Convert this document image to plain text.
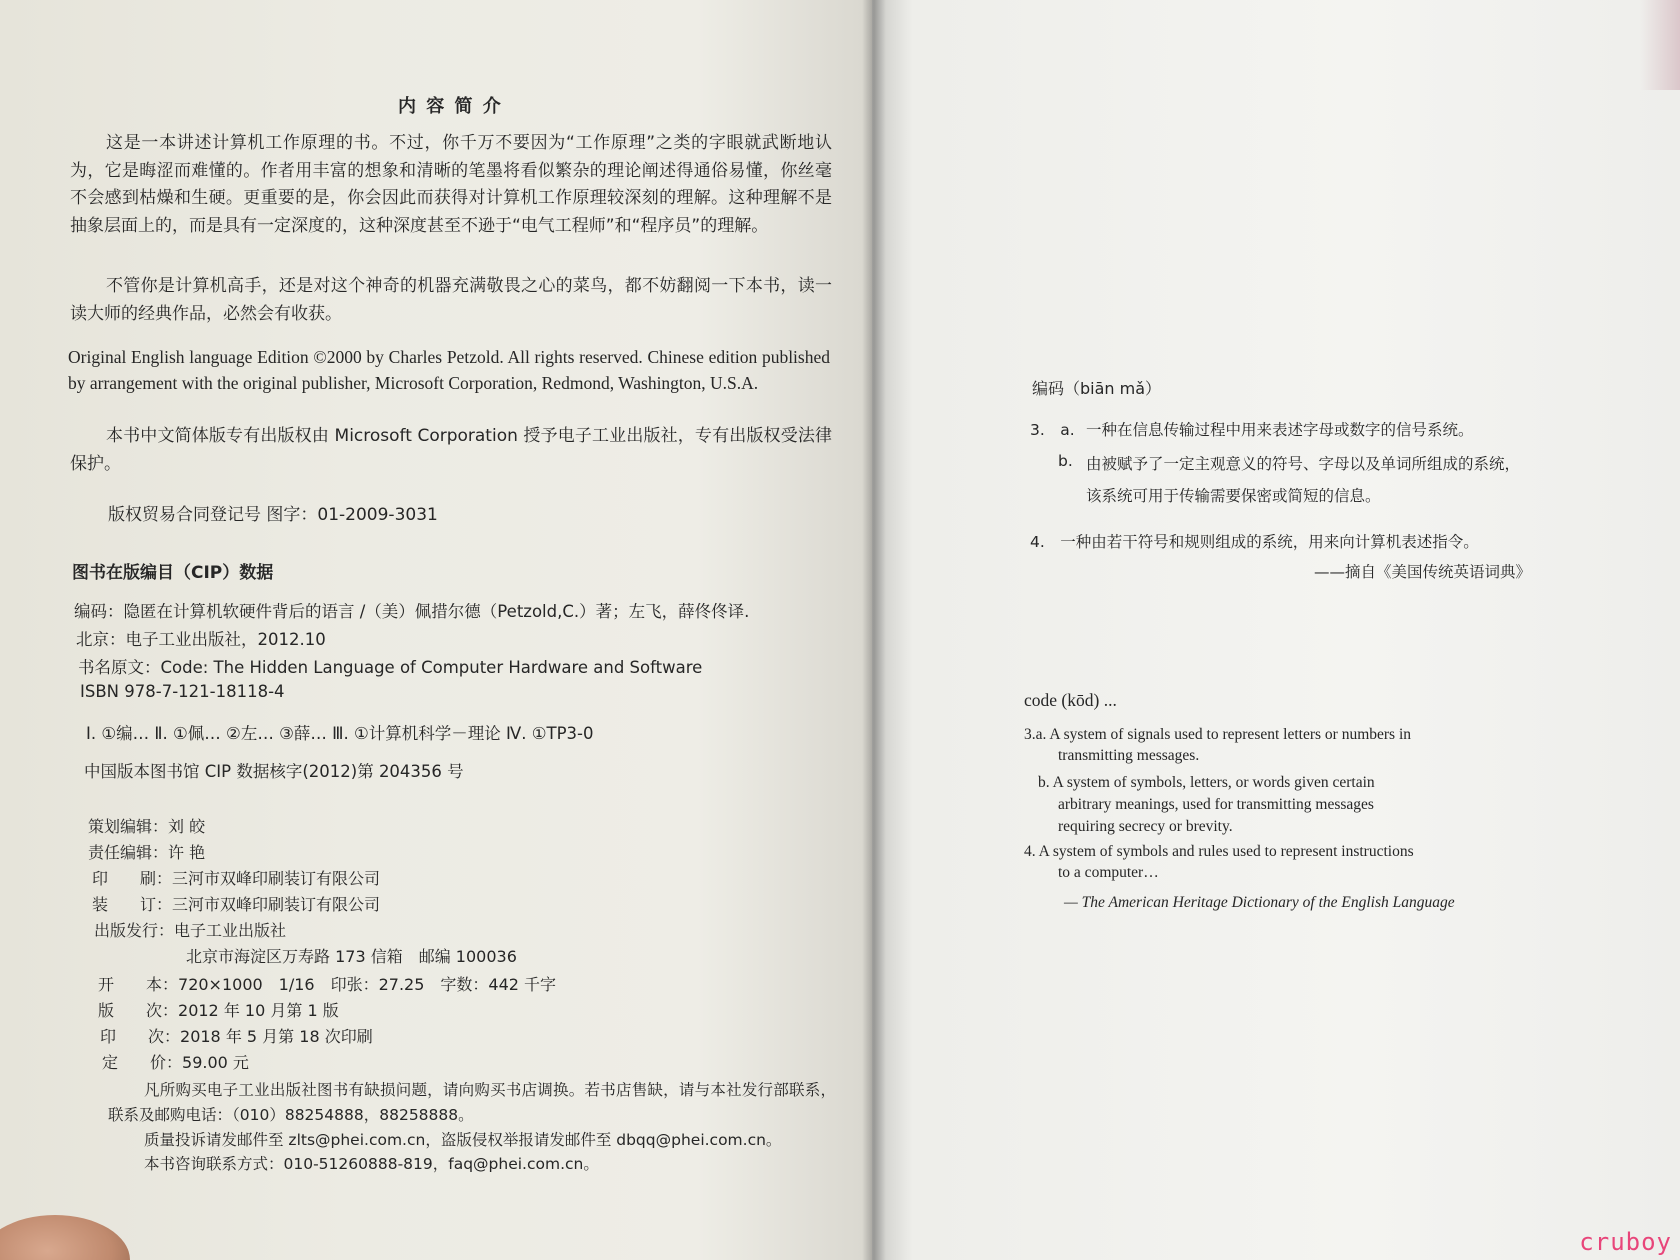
内 容 简 介
这是一本讲述计算机工作原理的书。不过，你千万不要因为“工作原理”之类的字眼就武断地认为，它是晦涩而难懂的。作者用丰富的想象和清晰的笔墨将看似繁杂的理论阐述得通俗易懂，你丝毫不会感到枯燥和生硬。更重要的是，你会因此而获得对计算机工作原理较深刻的理解。这种理解不是抽象层面上的，而是具有一定深度的，这种深度甚至不逊于“电气工程师”和“程序员”的理解。
不管你是计算机高手，还是对这个神奇的机器充满敬畏之心的菜鸟，都不妨翻阅一下本书，读一读大师的经典作品，必然会有收获。
Original English language Edition ©2000 by Charles Petzold. All rights reserved. Chinese edition published by arrangement with the original publisher, Microsoft Corporation, Redmond, Washington, U.S.A.
本书中文简体版专有出版权由 Microsoft Corporation 授予电子工业出版社，专有出版权受法律保护。
版权贸易合同登记号 图字：01-2009-3031
图书在版编目（CIP）数据
编码：隐匿在计算机软硬件背后的语言 /（美）佩措尔德（Petzold,C.）著；左飞，薛佟佟译.
北京：电子工业出版社，2012.10
书名原文：Code: The Hidden Language of Computer Hardware and Software
ISBN 978-7-121-18118-4
Ⅰ. ①编… Ⅱ. ①佩… ②左… ③薛… Ⅲ. ①计算机科学－理论 Ⅳ. ①TP3-0
中国版本图书馆 CIP 数据核字(2012)第 204356 号
策划编辑：刘 皎
责任编辑：许 艳
印　　刷：三河市双峰印刷装订有限公司
装　　订：三河市双峰印刷装订有限公司
出版发行：电子工业出版社
北京市海淀区万寿路 173 信箱　邮编 100036
开　　本：720×1000　1/16　印张：27.25　字数：442 千字
版　　次：2012 年 10 月第 1 版
印　　次：2018 年 5 月第 18 次印刷
定　　价：59.00 元
凡所购买电子工业出版社图书有缺损问题，请向购买书店调换。若书店售缺，请与本社发行部联系，联系及邮购电话：（010）88254888，88258888。
质量投诉请发邮件至 zlts@phei.com.cn，盗版侵权举报请发邮件至 dbqq@phei.com.cn。
本书咨询联系方式：010-51260888-819，faq@phei.com.cn。

编码（biān mǎ）
3.　a. 一种在信息传输过程中用来表述字母或数字的信号系统。
b. 由被赋予了一定主观意义的符号、字母以及单词所组成的系统，
该系统可用于传输需要保密或简短的信息。
4.　一种由若干符号和规则组成的系统，用来向计算机表述指令。
——摘自《美国传统英语词典》
code (kōd) ...
3.a. A system of signals used to represent letters or numbers in
transmitting messages.
b. A system of symbols, letters, or words given certain
arbitrary meanings, used for transmitting messages
requiring secrecy or brevity.
4. A system of symbols and rules used to represent instructions
to a computer…
— The American Heritage Dictionary of the English Language
cruboy
